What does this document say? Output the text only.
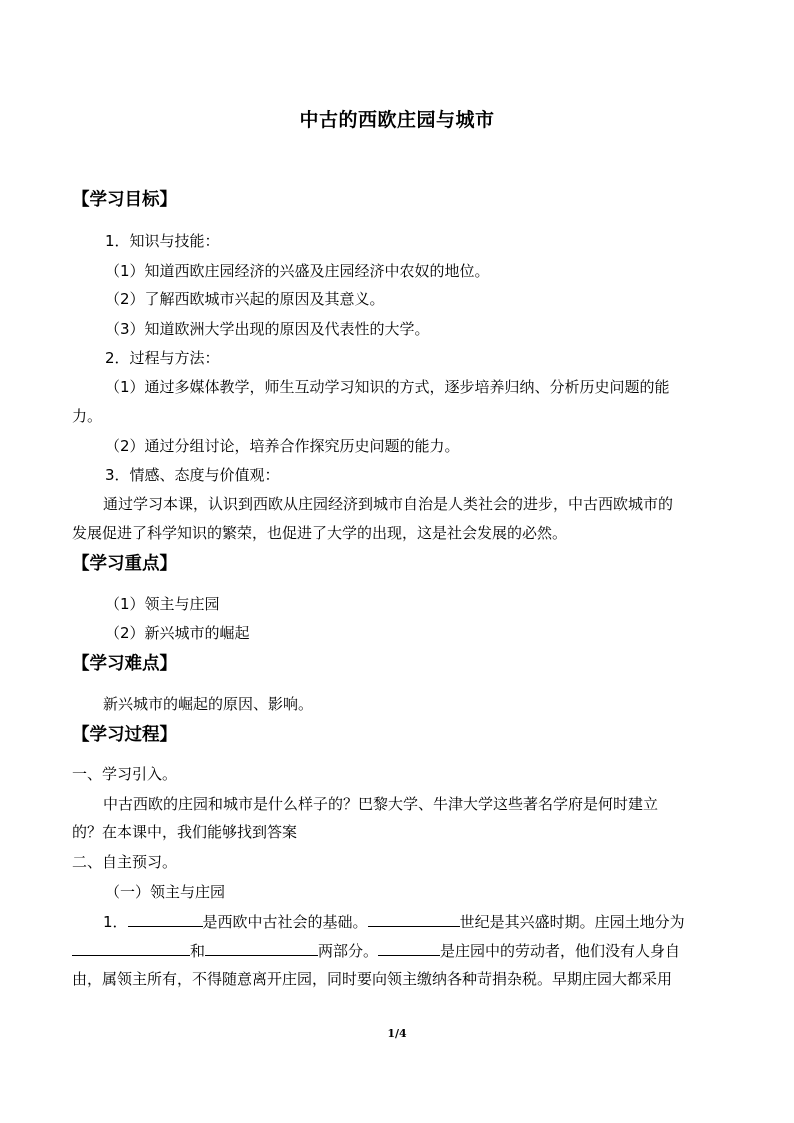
中古的西欧庄园与城市
【学习目标】
1．知识与技能：
（1）知道西欧庄园经济的兴盛及庄园经济中农奴的地位。
（2）了解西欧城市兴起的原因及其意义。
（3）知道欧洲大学出现的原因及代表性的大学。
2．过程与方法：
（1）通过多媒体教学，师生互动学习知识的方式，逐步培养归纳、分析历史问题的能
力。
（2）通过分组讨论，培养合作探究历史问题的能力。
3．情感、态度与价值观：
通过学习本课，认识到西欧从庄园经济到城市自治是人类社会的进步，中古西欧城市的
发展促进了科学知识的繁荣，也促进了大学的出现，这是社会发展的必然。
【学习重点】
（1）领主与庄园
（2）新兴城市的崛起
【学习难点】
新兴城市的崛起的原因、影响。
【学习过程】
一、学习引入。
中古西欧的庄园和城市是什么样子的？巴黎大学、牛津大学这些著名学府是何时建立
的？在本课中，我们能够找到答案
二、自主预习。
（一）领主与庄园
1．	是西欧中古社会的基础。	世纪是其兴盛时期。庄园土地分为
和	两部分。	是庄园中的劳动者，他们没有人身自
由，属领主所有，不得随意离开庄园，同时要向领主缴纳各种苛捐杂税。早期庄园大都采用
1/4
